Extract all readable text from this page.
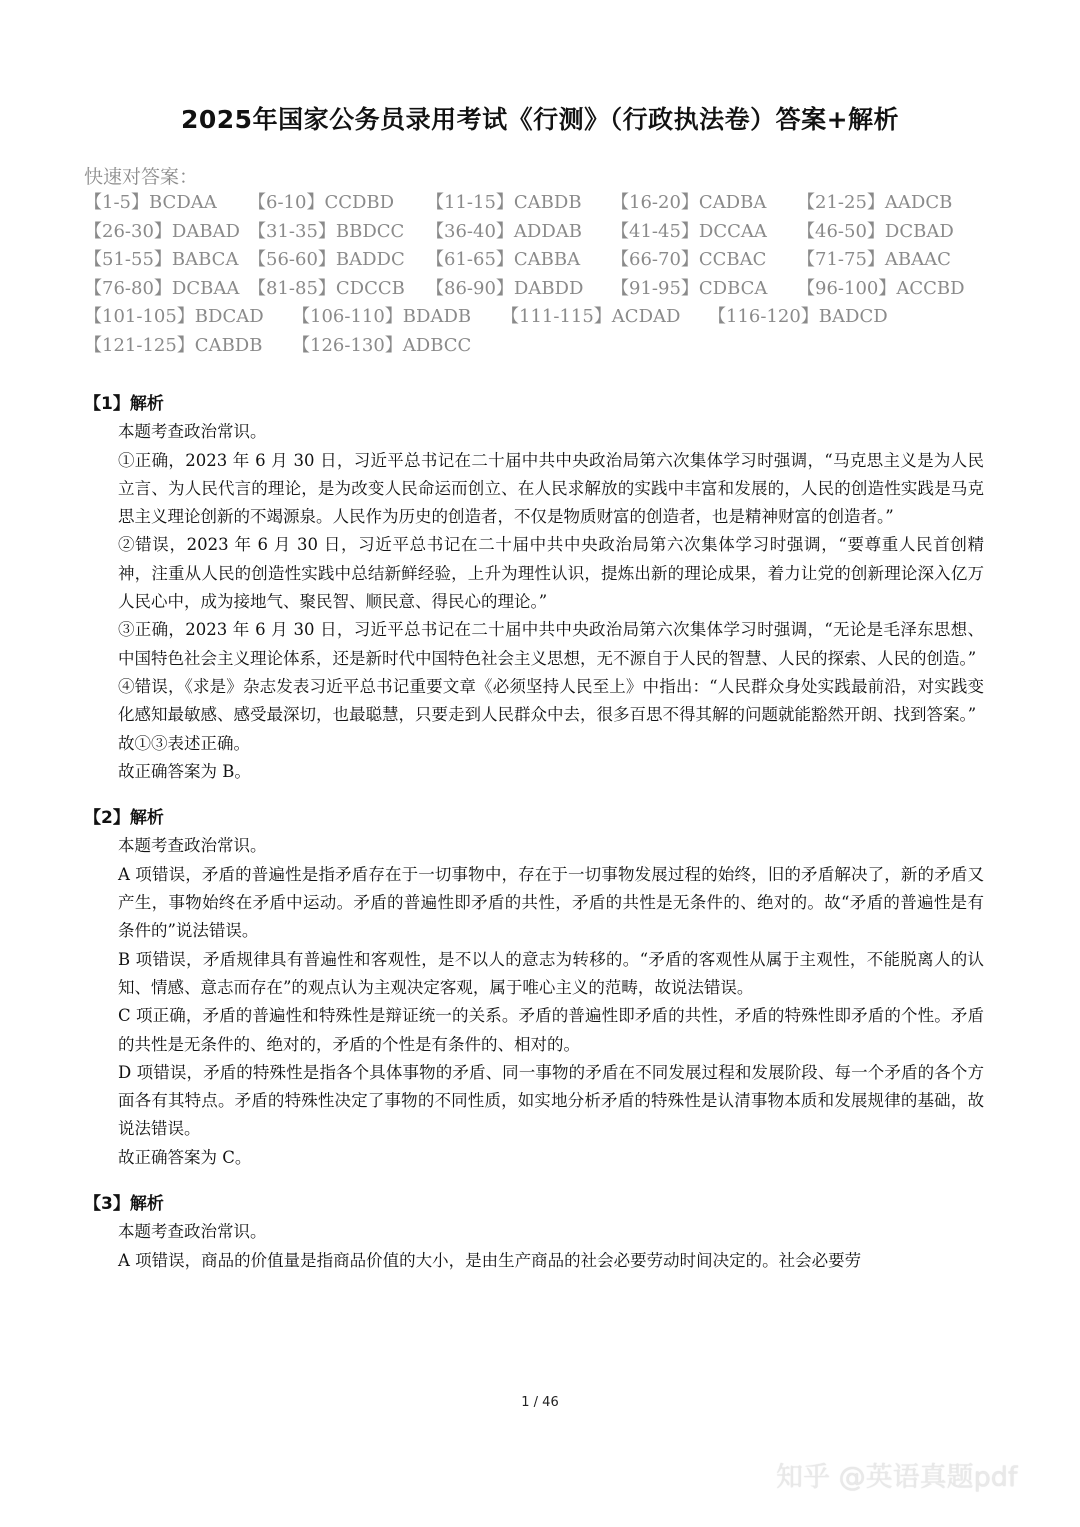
2025年国家公务员录用考试《行测》（行政执法卷）答案+解析
快速对答案：
【1-5】BCDAA 【6-10】CCDBD 【11-15】CABDB 【16-20】CADBA 【21-25】AADCB
【26-30】DABAD 【31-35】BBDCC 【36-40】ADDAB 【41-45】DCCAA 【46-50】DCBAD
【51-55】BABCA 【56-60】BADDC 【61-65】CABBA 【66-70】CCBAC 【71-75】ABAAC
【76-80】DCBAA 【81-85】CDCCB 【86-90】DABDD 【91-95】CDBCA 【96-100】ACCBD
【101-105】BDCAD 【106-110】BDADB 【111-115】ACDAD 【116-120】BADCD
【121-125】CABDB 【126-130】ADBCC
【1】解析
本题考查政治常识。
①正确，2023 年 6 月 30 日，习近平总书记在二十届中共中央政治局第六次集体学习时强调，“马克思主义是为人民立言、为人民代言的理论，是为改变人民命运而创立、在人民求解放的实践中丰富和发展的，人民的创造性实践是马克思主义理论创新的不竭源泉。人民作为历史的创造者，不仅是物质财富的创造者，也是精神财富的创造者。”
②错误，2023 年 6 月 30 日，习近平总书记在二十届中共中央政治局第六次集体学习时强调，“要尊重人民首创精神，注重从人民的创造性实践中总结新鲜经验，上升为理性认识，提炼出新的理论成果，着力让党的创新理论深入亿万人民心中，成为接地气、聚民智、顺民意、得民心的理论。”
③正确，2023 年 6 月 30 日，习近平总书记在二十届中共中央政治局第六次集体学习时强调，“无论是毛泽东思想、中国特色社会主义理论体系，还是新时代中国特色社会主义思想，无不源自于人民的智慧、人民的探索、人民的创造。”
④错误，《求是》杂志发表习近平总书记重要文章《必须坚持人民至上》中指出：“人民群众身处实践最前沿，对实践变化感知最敏感、感受最深切，也最聪慧，只要走到人民群众中去，很多百思不得其解的问题就能豁然开朗、找到答案。”
故①③表述正确。
故正确答案为 B。
【2】解析
本题考查政治常识。
A 项错误，矛盾的普遍性是指矛盾存在于一切事物中，存在于一切事物发展过程的始终，旧的矛盾解决了，新的矛盾又产生，事物始终在矛盾中运动。矛盾的普遍性即矛盾的共性，矛盾的共性是无条件的、绝对的。故“矛盾的普遍性是有条件的”说法错误。
B 项错误，矛盾规律具有普遍性和客观性，是不以人的意志为转移的。“矛盾的客观性从属于主观性，不能脱离人的认知、情感、意志而存在”的观点认为主观决定客观，属于唯心主义的范畴，故说法错误。
C 项正确，矛盾的普遍性和特殊性是辩证统一的关系。矛盾的普遍性即矛盾的共性，矛盾的特殊性即矛盾的个性。矛盾的共性是无条件的、绝对的，矛盾的个性是有条件的、相对的。
D 项错误，矛盾的特殊性是指各个具体事物的矛盾、同一事物的矛盾在不同发展过程和发展阶段、每一个矛盾的各个方面各有其特点。矛盾的特殊性决定了事物的不同性质，如实地分析矛盾的特殊性是认清事物本质和发展规律的基础，故说法错误。
故正确答案为 C。
【3】解析
本题考查政治常识。
A 项错误，商品的价值量是指商品价值的大小，是由生产商品的社会必要劳动时间决定的。社会必要劳
1 / 46
知乎 @英语真题pdf
